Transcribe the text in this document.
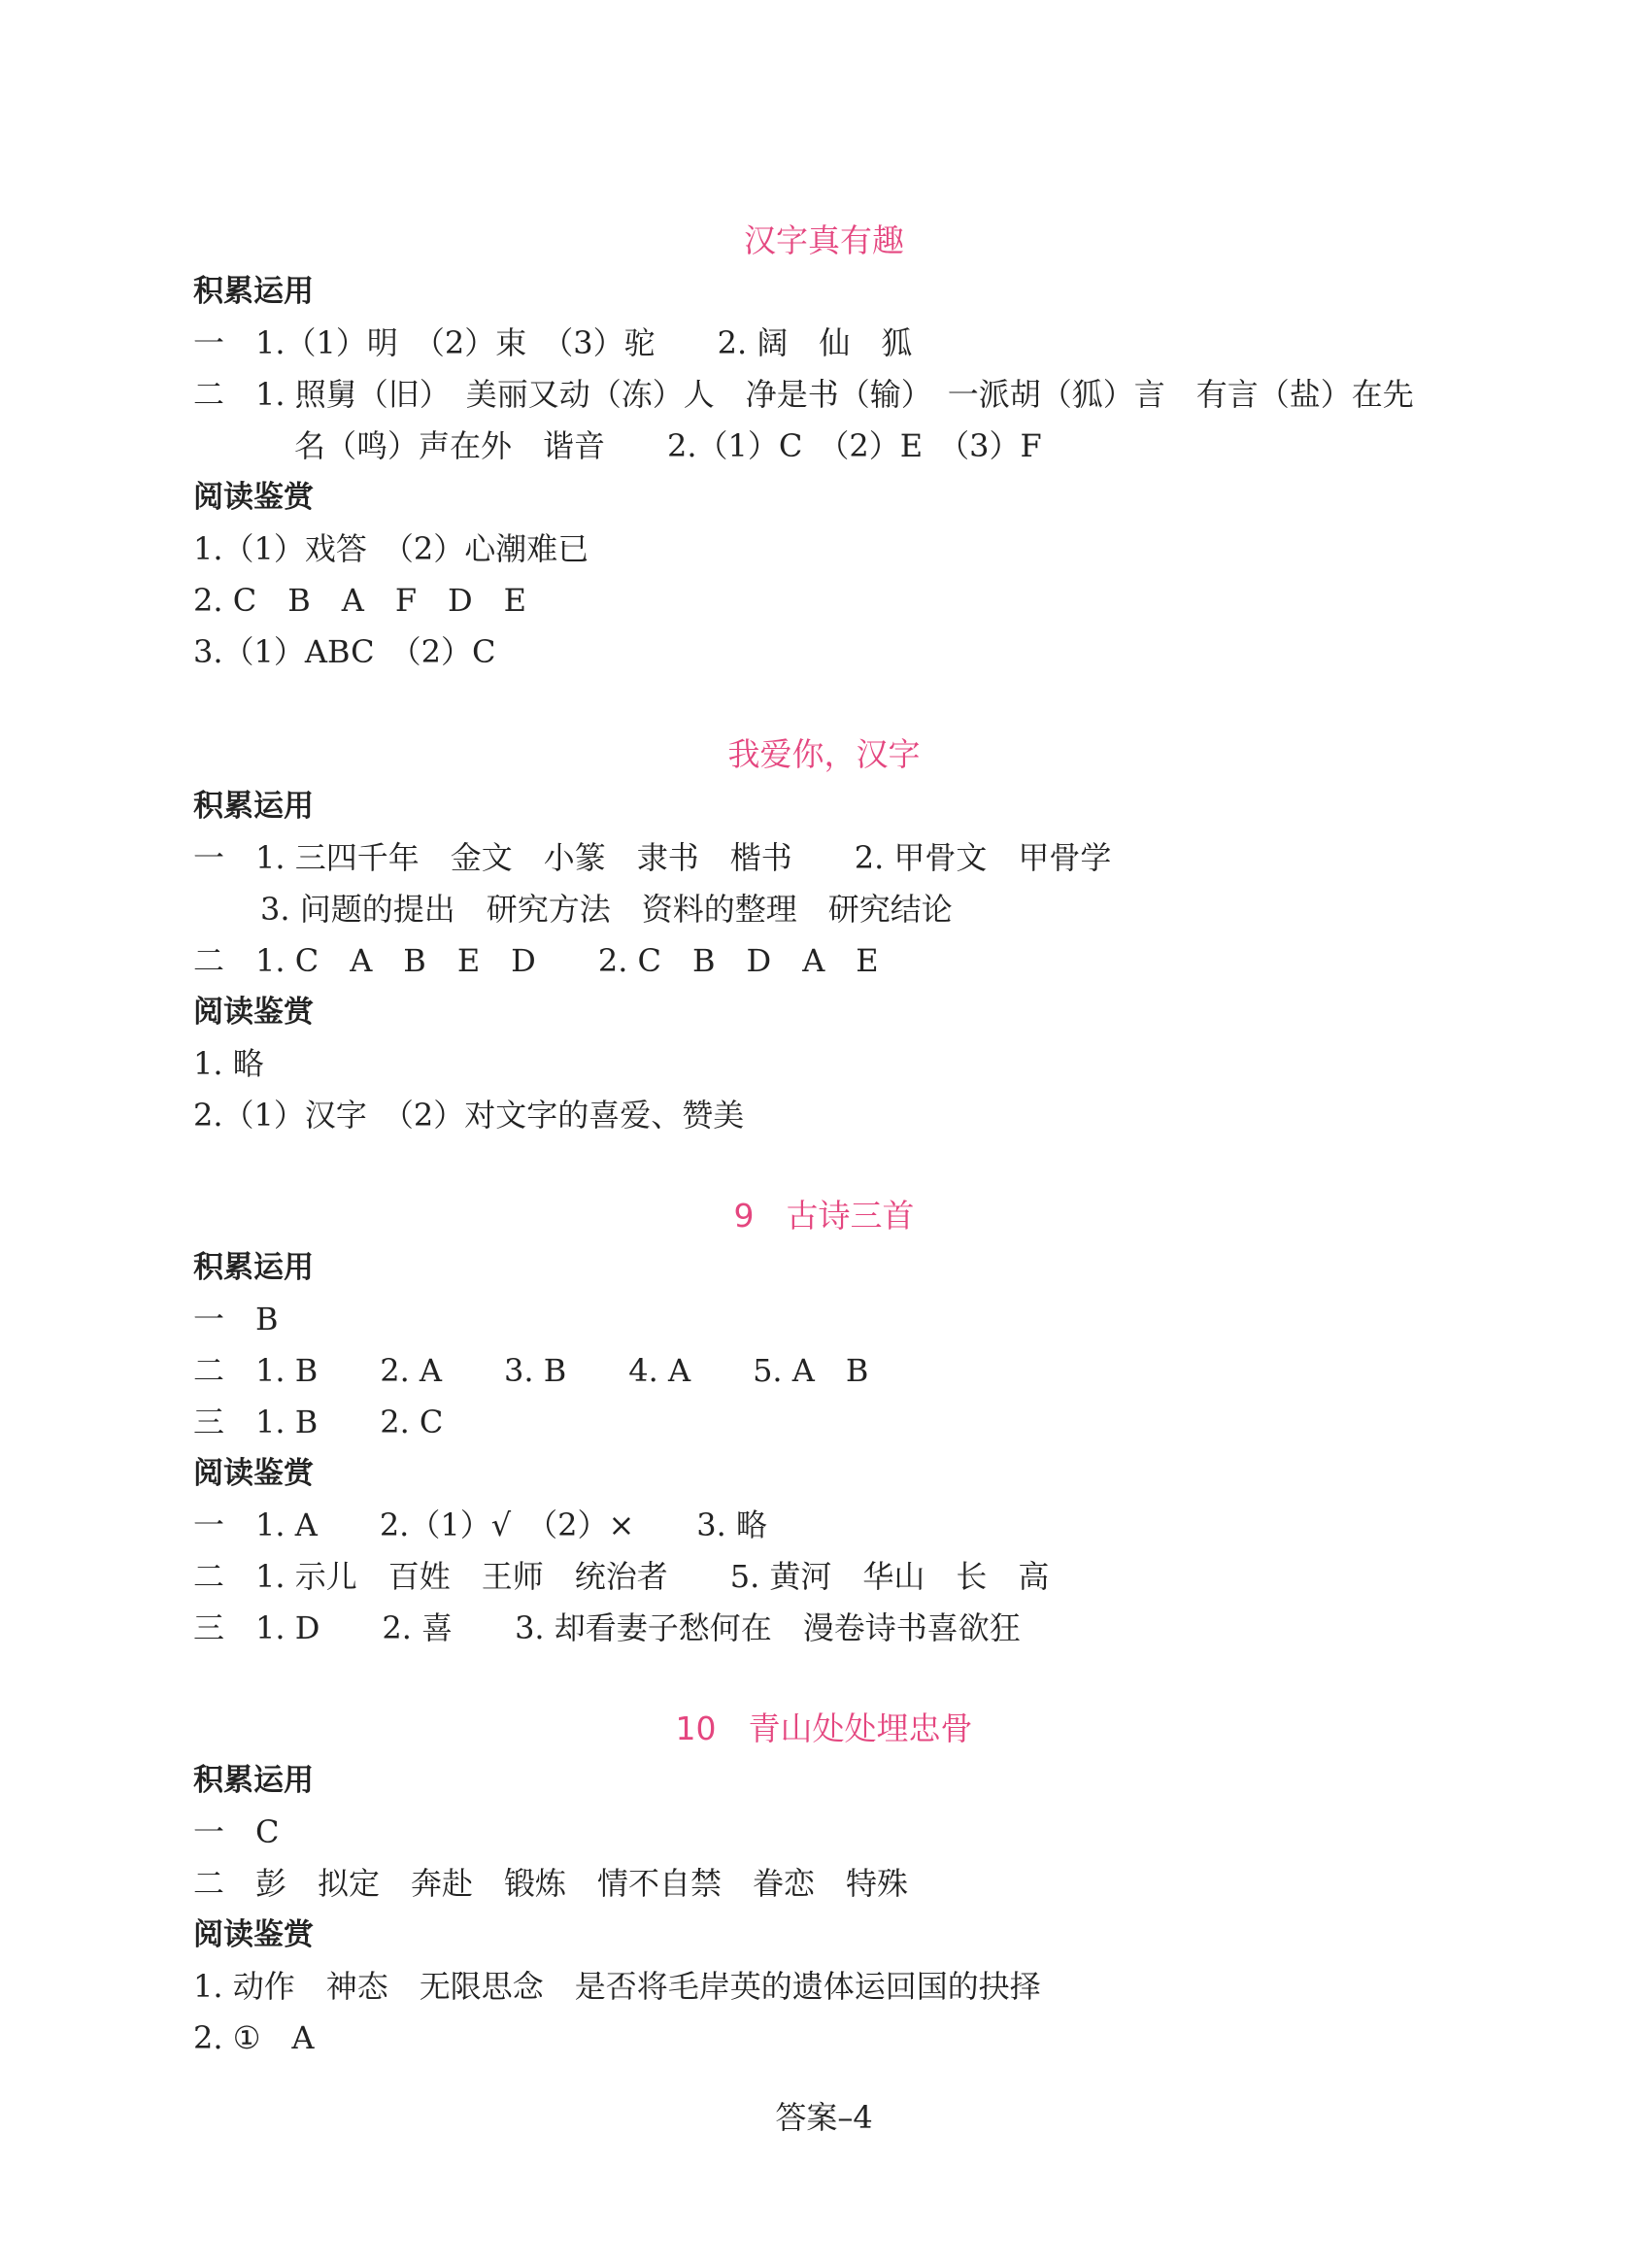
汉字真有趣
积累运用
一　1.（1）明　（2）束　（3）驼　　2. 阔　仙　狐
二　1. 照舅（旧）　美丽又动（冻）人　净是书（输）　一派胡（狐）言　有言（盐）在先
名（鸣）声在外　谐音　　2.（1）C　（2）E　（3）F
阅读鉴赏
1.（1）戏答　（2）心潮难已
2. C　B　A　F　D　E
3.（1）ABC　（2）C
我爱你，汉字
积累运用
一　1. 三四千年　金文　小篆　隶书　楷书　　2. 甲骨文　甲骨学
3. 问题的提出　研究方法　资料的整理　研究结论
二　1. C　A　B　E　D　　2. C　B　D　A　E
阅读鉴赏
1. 略
2.（1）汉字　（2）对文字的喜爱、赞美
9　古诗三首
积累运用
一　B
二　1. B　　2. A　　3. B　　4. A　　5. A　B
三　1. B　　2. C
阅读鉴赏
一　1. A　　2.（1）√　（2）×　　3. 略
二　1. 示儿　百姓　王师　统治者　　5. 黄河　华山　长　高
三　1. D　　2. 喜　　3. 却看妻子愁何在　漫卷诗书喜欲狂
10　青山处处埋忠骨
积累运用
一　C
二　彭　拟定　奔赴　锻炼　情不自禁　眷恋　特殊
阅读鉴赏
1. 动作　神态　无限思念　是否将毛岸英的遗体运回国的抉择
2. ①　A
答案–4
